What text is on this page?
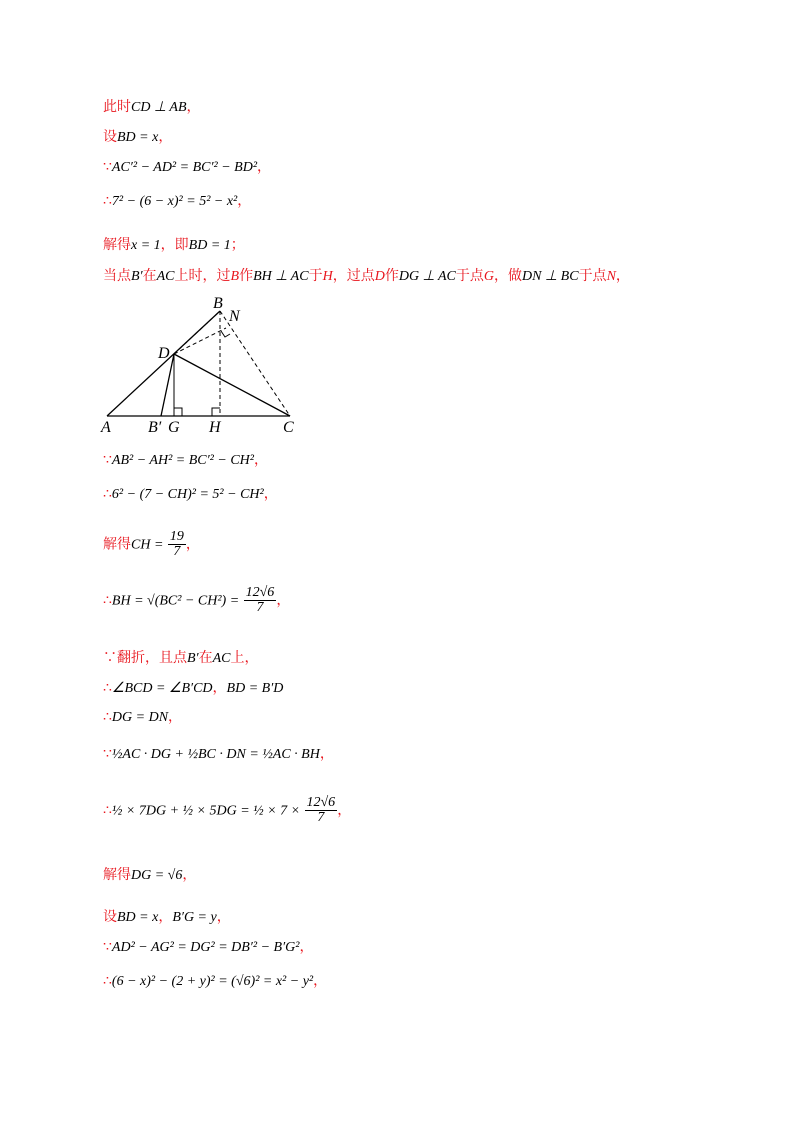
此时CD ⊥ AB，
设BD = x，
∵AC′² − AD² = BC′² − BD²，
∴7² − (6 − x)² = 5² − x²，
解得x = 1，即BD = 1；
当点B′在AC上时，过B作BH ⊥ AC于H，过点D作DG ⊥ AC于点G，做DN ⊥ BC于点N，
A
B
N
D
B′ G H	C
∵AB² − AH² = BC′² − CH²，
∴6² − (7 − CH)² = 5² − CH²，
解得CH = $\frac{19}{7}$ ，
∴BH = $√(BC^2 - CH^2) = \frac{12√6}{7}$ ，
∵翻折，且点B′在AC上，
∴∠BCD = ∠B′CD，BD = B′D
∴DG = DN，
∵½AC · DG + ½BC · DN = ½AC · BH，
∴½ × 7DG + ½ × 5DG = ½ × $7 \times \frac{12√6}{7}$ ，
解得DG = √6，
设BD = x，B′G = y，
∵AD² − AG² = DG² = DB′² − B′G²，
∴(6 − x)² − (2 + y)² = (√6)² = x² − y²，
